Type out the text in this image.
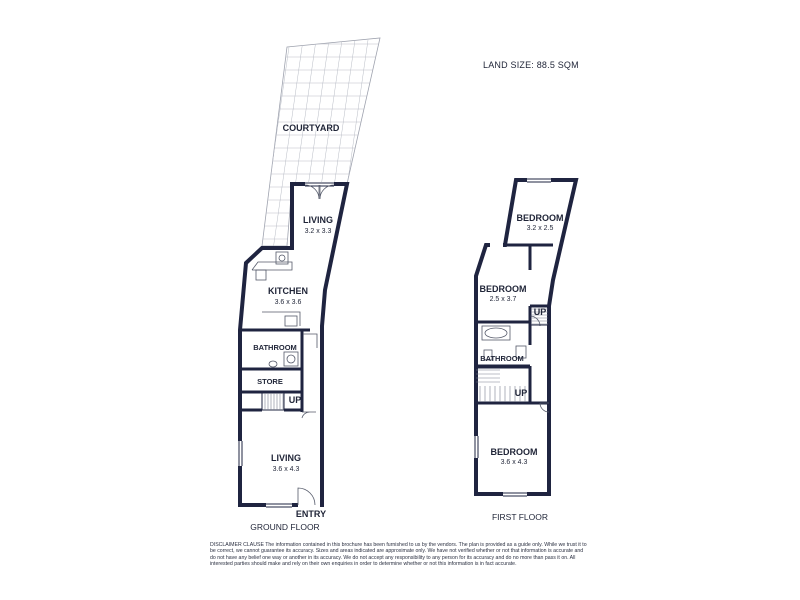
LAND SIZE: 88.5 SQM
COURTYARD
LIVING
3.2 x 3.3
KITCHEN
3.6 x 3.6
BATHROOM
STORE
UP
LIVING
3.6 x 4.3
ENTRY
GROUND FLOOR
BEDROOM
3.2 x 2.5
BEDROOM
2.5 x 3.7
UP
BATHROOM
UP
BEDROOM
3.6 x 4.3
FIRST FLOOR
DISCLAIMER CLAUSE The information contained in this brochure has been furnished to us by the vendors. The plan is provided as a guide only. While we trust it to be correct, we cannot guarantee its accuracy. Sizes and areas indicated are approximate only. We have not verified whether or not that information is accurate and do not have any belief one way or another in its accuracy. We do not accept any responsibility to any person for its accuracy and do no more than pass it on. All interested parties should make and rely on their own enquiries in order to determine whether or not this information is in fact accurate.
